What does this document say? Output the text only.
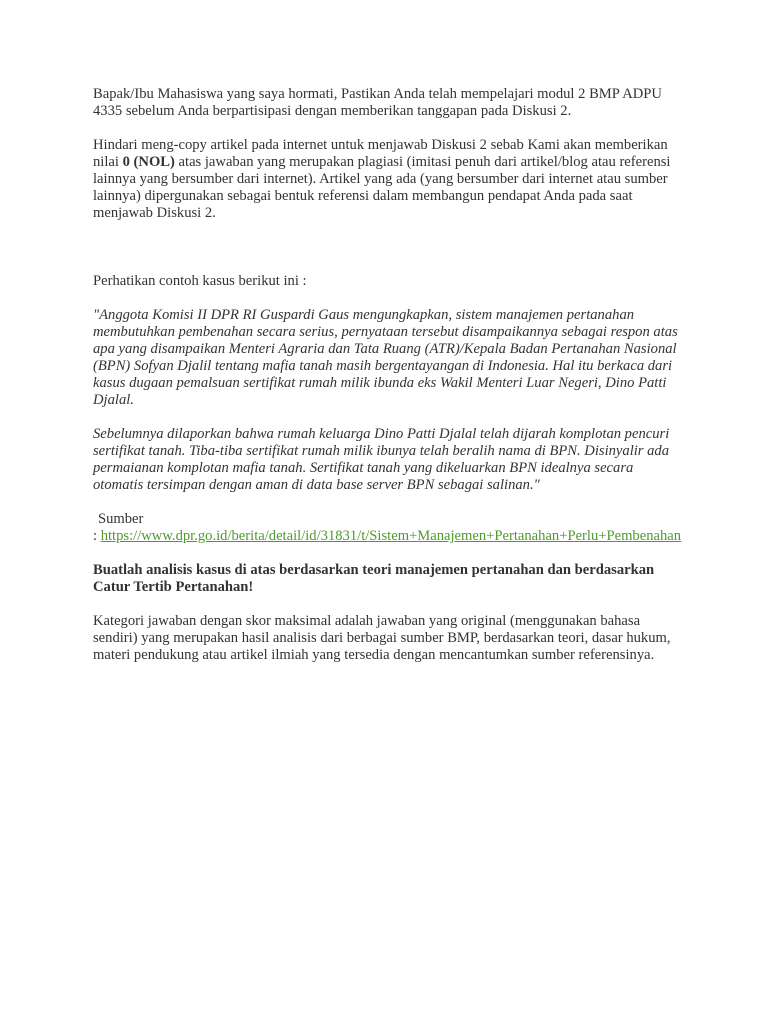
Bapak/Ibu Mahasiswa yang saya hormati, Pastikan Anda telah mempelajari modul 2 BMP ADPU 4335 sebelum Anda berpartisipasi dengan memberikan tanggapan pada Diskusi 2.

Hindari meng-copy artikel pada internet untuk menjawab Diskusi 2 sebab Kami akan memberikan nilai 0 (NOL) atas jawaban yang merupakan plagiasi (imitasi penuh dari artikel/blog atau referensi lainnya yang bersumber dari internet). Artikel yang ada (yang bersumber dari internet atau sumber lainnya) dipergunakan sebagai bentuk referensi dalam membangun pendapat Anda pada saat menjawab Diskusi 2.

Perhatikan contoh kasus berikut ini :

"Anggota Komisi II DPR RI Guspardi Gaus mengungkapkan, sistem manajemen pertanahan membutuhkan pembenahan secara serius, pernyataan tersebut disampaikannya sebagai respon atas apa yang disampaikan Menteri Agraria dan Tata Ruang (ATR)/Kepala Badan Pertanahan Nasional (BPN) Sofyan Djalil tentang mafia tanah masih bergentayangan di Indonesia. Hal itu berkaca dari kasus dugaan pemalsuan sertifikat rumah milik ibunda eks Wakil Menteri Luar Negeri, Dino Patti Djalal.

Sebelumnya dilaporkan bahwa rumah keluarga Dino Patti Djalal telah dijarah komplotan pencuri sertifikat tanah. Tiba-tiba sertifikat rumah milik ibunya telah beralih nama di BPN. Disinyalir ada permaianan komplotan mafia tanah. Sertifikat tanah yang dikeluarkan BPN idealnya secara otomatis tersimpan dengan aman di data base server BPN sebagai salinan."

Sumber

: https://www.dpr.go.id/berita/detail/id/31831/t/Sistem+Manajemen+Pertanahan+Perlu+Pembenahan

Buatlah analisis kasus di atas berdasarkan teori manajemen pertanahan dan berdasarkan Catur Tertib Pertanahan!

Kategori jawaban dengan skor maksimal adalah jawaban yang original (menggunakan bahasa sendiri) yang merupakan hasil analisis dari berbagai sumber BMP, berdasarkan teori, dasar hukum, materi pendukung atau artikel ilmiah yang tersedia dengan mencantumkan sumber referensinya.
